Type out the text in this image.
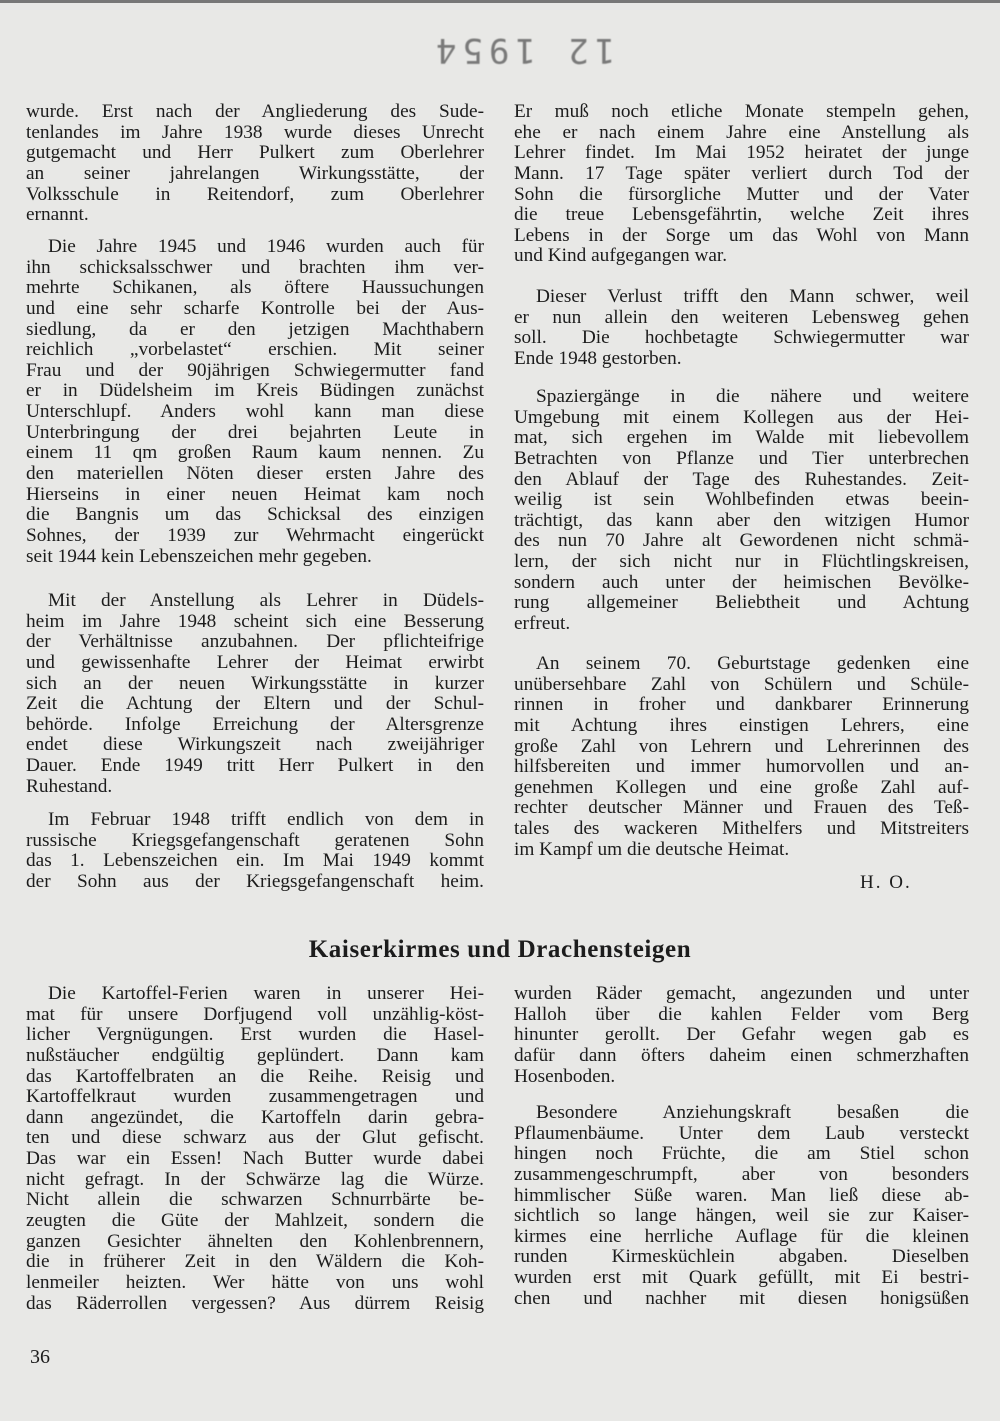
12 1954
wurde. Erst nach der Angliederung des Sude-
tenlandes im Jahre 1938 wurde dieses Unrecht
gutgemacht und Herr Pulkert zum Oberlehrer
an seiner jahrelangen Wirkungsstätte, der
Volksschule in Reitendorf, zum Oberlehrer
ernannt.
Die Jahre 1945 und 1946 wurden auch für
ihn schicksalsschwer und brachten ihm ver-
mehrte Schikanen, als öftere Haussuchungen
und eine sehr scharfe Kontrolle bei der Aus-
siedlung, da er den jetzigen Machthabern
reichlich „vorbelastet“ erschien. Mit seiner
Frau und der 90jährigen Schwiegermutter fand
er in Düdelsheim im Kreis Büdingen zunächst
Unterschlupf. Anders wohl kann man diese
Unterbringung der drei bejahrten Leute in
einem 11 qm großen Raum kaum nennen. Zu
den materiellen Nöten dieser ersten Jahre des
Hierseins in einer neuen Heimat kam noch
die Bangnis um das Schicksal des einzigen
Sohnes, der 1939 zur Wehrmacht eingerückt
seit 1944 kein Lebenszeichen mehr gegeben.
Mit der Anstellung als Lehrer in Düdels-
heim im Jahre 1948 scheint sich eine Besserung
der Verhältnisse anzubahnen. Der pflichteifrige
und gewissenhafte Lehrer der Heimat erwirbt
sich an der neuen Wirkungsstätte in kurzer
Zeit die Achtung der Eltern und der Schul-
behörde. Infolge Erreichung der Altersgrenze
endet diese Wirkungszeit nach zweijähriger
Dauer. Ende 1949 tritt Herr Pulkert in den
Ruhestand.
Im Februar 1948 trifft endlich von dem in
russische Kriegsgefangenschaft geratenen Sohn
das 1. Lebenszeichen ein. Im Mai 1949 kommt
der Sohn aus der Kriegsgefangenschaft heim.
Er muß noch etliche Monate stempeln gehen,
ehe er nach einem Jahre eine Anstellung als
Lehrer findet. Im Mai 1952 heiratet der junge
Mann. 17 Tage später verliert durch Tod der
Sohn die fürsorgliche Mutter und der Vater
die treue Lebensgefährtin, welche Zeit ihres
Lebens in der Sorge um das Wohl von Mann
und Kind aufgegangen war.
Dieser Verlust trifft den Mann schwer, weil
er nun allein den weiteren Lebensweg gehen
soll. Die hochbetagte Schwiegermutter war
Ende 1948 gestorben.
Spaziergänge in die nähere und weitere
Umgebung mit einem Kollegen aus der Hei-
mat, sich ergehen im Walde mit liebevollem
Betrachten von Pflanze und Tier unterbrechen
den Ablauf der Tage des Ruhestandes. Zeit-
weilig ist sein Wohlbefinden etwas beein-
trächtigt, das kann aber den witzigen Humor
des nun 70 Jahre alt Gewordenen nicht schmä-
lern, der sich nicht nur in Flüchtlingskreisen,
sondern auch unter der heimischen Bevölke-
rung allgemeiner Beliebtheit und Achtung
erfreut.
An seinem 70. Geburtstage gedenken eine
unübersehbare Zahl von Schülern und Schüle-
rinnen in froher und dankbarer Erinnerung
mit Achtung ihres einstigen Lehrers, eine
große Zahl von Lehrern und Lehrerinnen des
hilfsbereiten und immer humorvollen und an-
genehmen Kollegen und eine große Zahl auf-
rechter deutscher Männer und Frauen des Teß-
tales des wackeren Mithelfers und Mitstreiters
im Kampf um die deutsche Heimat.
H. O.
Kaiserkirmes und Drachensteigen
Die Kartoffel-Ferien waren in unserer Hei-
mat für unsere Dorfjugend voll unzählig-köst-
licher Vergnügungen. Erst wurden die Hasel-
nußstäucher endgültig geplündert. Dann kam
das Kartoffelbraten an die Reihe. Reisig und
Kartoffelkraut wurden zusammengetragen und
dann angezündet, die Kartoffeln darin gebra-
ten und diese schwarz aus der Glut gefischt.
Das war ein Essen! Nach Butter wurde dabei
nicht gefragt. In der Schwärze lag die Würze.
Nicht allein die schwarzen Schnurrbärte be-
zeugten die Güte der Mahlzeit, sondern die
ganzen Gesichter ähnelten den Kohlenbrennern,
die in früherer Zeit in den Wäldern die Koh-
lenmeiler heizten. Wer hätte von uns wohl
das Räderrollen vergessen? Aus dürrem Reisig
wurden Räder gemacht, angezunden und unter
Halloh über die kahlen Felder vom Berg
hinunter gerollt. Der Gefahr wegen gab es
dafür dann öfters daheim einen schmerzhaften
Hosenboden.
Besondere Anziehungskraft besaßen die
Pflaumenbäume. Unter dem Laub versteckt
hingen noch Früchte, die am Stiel schon
zusammengeschrumpft, aber von besonders
himmlischer Süße waren. Man ließ diese ab-
sichtlich so lange hängen, weil sie zur Kaiser-
kirmes eine herrliche Auflage für die kleinen
runden Kirmesküchlein abgaben. Dieselben
wurden erst mit Quark gefüllt, mit Ei bestri-
chen und nachher mit diesen honigsüßen
36
